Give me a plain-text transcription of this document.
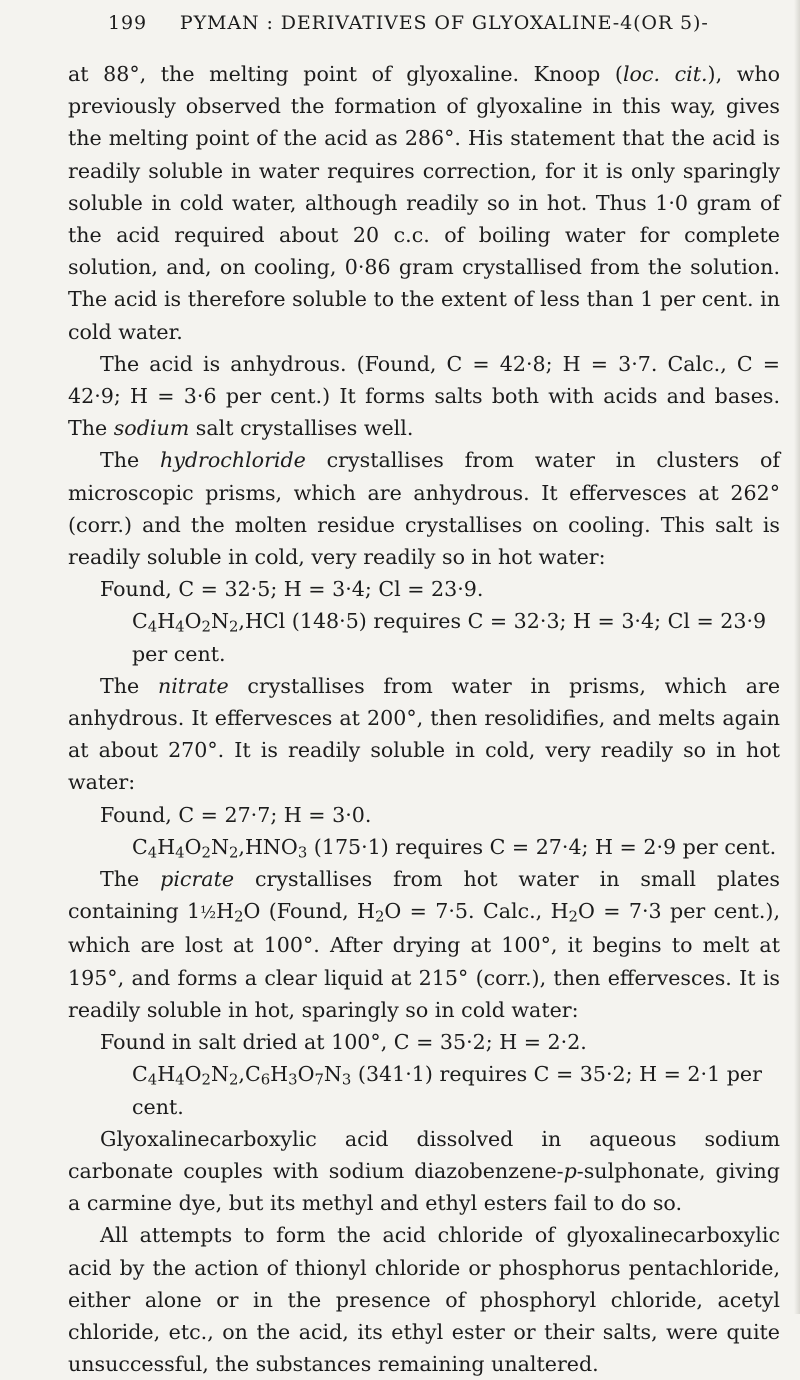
199 PYMAN : DERIVATIVES OF GLYOXALINE-4(OR 5)-

at 88°, the melting point of glyoxaline. Knoop (loc. cit.), who previously observed the formation of glyoxaline in this way, gives the melting point of the acid as 286°. His statement that the acid is readily soluble in water requires correction, for it is only sparingly soluble in cold water, although readily so in hot. Thus 1·0 gram of the acid required about 20 c.c. of boiling water for complete solution, and, on cooling, 0·86 gram crystallised from the solution. The acid is therefore soluble to the extent of less than 1 per cent. in cold water.

The acid is anhydrous. (Found, C = 42·8; H = 3·7. Calc., C = 42·9; H = 3·6 per cent.) It forms salts both with acids and bases. The sodium salt crystallises well.

The hydrochloride crystallises from water in clusters of microscopic prisms, which are anhydrous. It effervesces at 262° (corr.) and the molten residue crystallises on cooling. This salt is readily soluble in cold, very readily so in hot water:

Found, C = 32·5; H = 3·4; Cl = 23·9.

$C_4H_4O_2N_2,HCl$ (148·5) requires C = 32·3; H = 3·4; Cl = 23·9 per cent.

The nitrate crystallises from water in prisms, which are anhydrous. It effervesces at 200°, then resolidifies, and melts again at about 270°. It is readily soluble in cold, very readily so in hot water:

Found, C = 27·7; H = 3·0.

$C_4H_4O_2N_2,HNO_3$ (175·1) requires C = 27·4; H = 2·9 per cent.

The picrate crystallises from hot water in small plates containing $1\frac{1}{2}H_2O$ (Found, $H_2O = 7\cdot 5$. Calc., $H_2O = 7\cdot 3$ per cent.), which are lost at 100°. After drying at 100°, it begins to melt at 195°, and forms a clear liquid at 215° (corr.), then effervesces. It is readily soluble in hot, sparingly so in cold water:

Found in salt dried at 100°, C = 35·2; H = 2·2.

$C_4H_4O_2N_2,C_6H_3O_7N_3$ (341·1) requires C = 35·2; H = 2·1 per cent.

Glyoxalinecarboxylic acid dissolved in aqueous sodium carbonate couples with sodium diazobenzene-p-sulphonate, giving a carmine dye, but its methyl and ethyl esters fail to do so.

All attempts to form the acid chloride of glyoxalinecarboxylic acid by the action of thionyl chloride or phosphorus pentachloride, either alone or in the presence of phosphoryl chloride, acetyl chloride, etc., on the acid, its ethyl ester or their salts, were quite unsuccessful, the substances remaining unaltered.
